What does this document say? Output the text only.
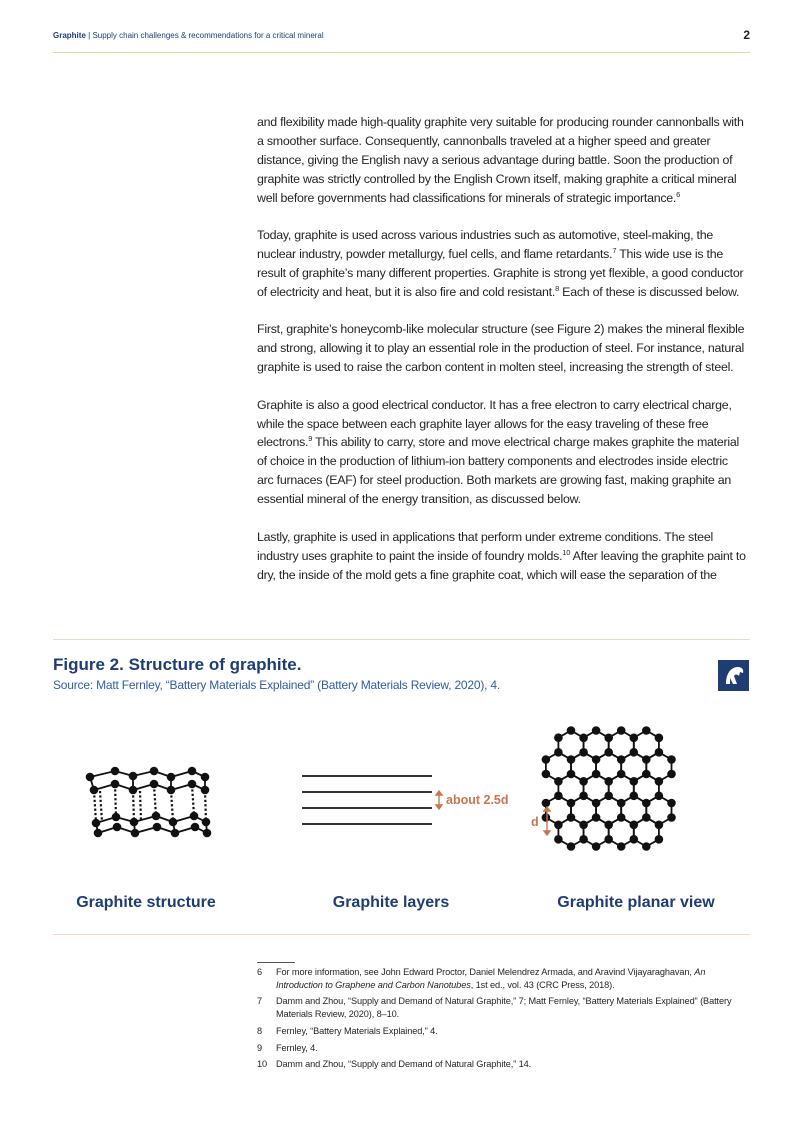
Graphite | Supply chain challenges & recommendations for a critical mineral	2

and flexibility made high-quality graphite very suitable for producing rounder cannonballs with a smoother surface. Consequently, cannonballs traveled at a higher speed and greater distance, giving the English navy a serious advantage during battle. Soon the production of graphite was strictly controlled by the English Crown itself, making graphite a critical mineral well before governments had classifications for minerals of strategic importance.$^6$

Today, graphite is used across various industries such as automotive, steel-making, the nuclear industry, powder metallurgy, fuel cells, and flame retardants.$^7$ This wide use is the result of graphite’s many different properties. Graphite is strong yet flexible, a good conductor of electricity and heat, but it is also fire and cold resistant.$^8$ Each of these is discussed below.

First, graphite’s honeycomb-like molecular structure (see Figure 2) makes the mineral flexible and strong, allowing it to play an essential role in the production of steel. For instance, natural graphite is used to raise the carbon content in molten steel, increasing the strength of steel.

Graphite is also a good electrical conductor. It has a free electron to carry electrical charge, while the space between each graphite layer allows for the easy traveling of these free electrons.$^9$ This ability to carry, store and move electrical charge makes graphite the material of choice in the production of lithium-ion battery components and electrodes inside electric arc furnaces (EAF) for steel production. Both markets are growing fast, making graphite an essential mineral of the energy transition, as discussed below.

Lastly, graphite is used in applications that perform under extreme conditions. The steel industry uses graphite to paint the inside of foundry molds.$^{10}$ After leaving the graphite paint to dry, the inside of the mold gets a fine graphite coat, which will ease the separation of the

Figure 2. Structure of graphite.
Source: Matt Fernley, “Battery Materials Explained” (Battery Materials Review, 2020), 4.
about 2.5d
d
Graphite structure	Graphite layers	Graphite planar view
6 For more information, see John Edward Proctor, Daniel Melendrez Armada, and Aravind Vijayaraghavan, An Introduction to Graphene and Carbon Nanotubes, 1st ed., vol. 43 (CRC Press, 2018).
7 Damm and Zhou, “Supply and Demand of Natural Graphite,” 7; Matt Fernley, “Battery Materials Explained” (Battery Materials Review, 2020), 8–10.
8 Fernley, “Battery Materials Explained,” 4.
9 Fernley, 4.
10 Damm and Zhou, “Supply and Demand of Natural Graphite,” 14.
